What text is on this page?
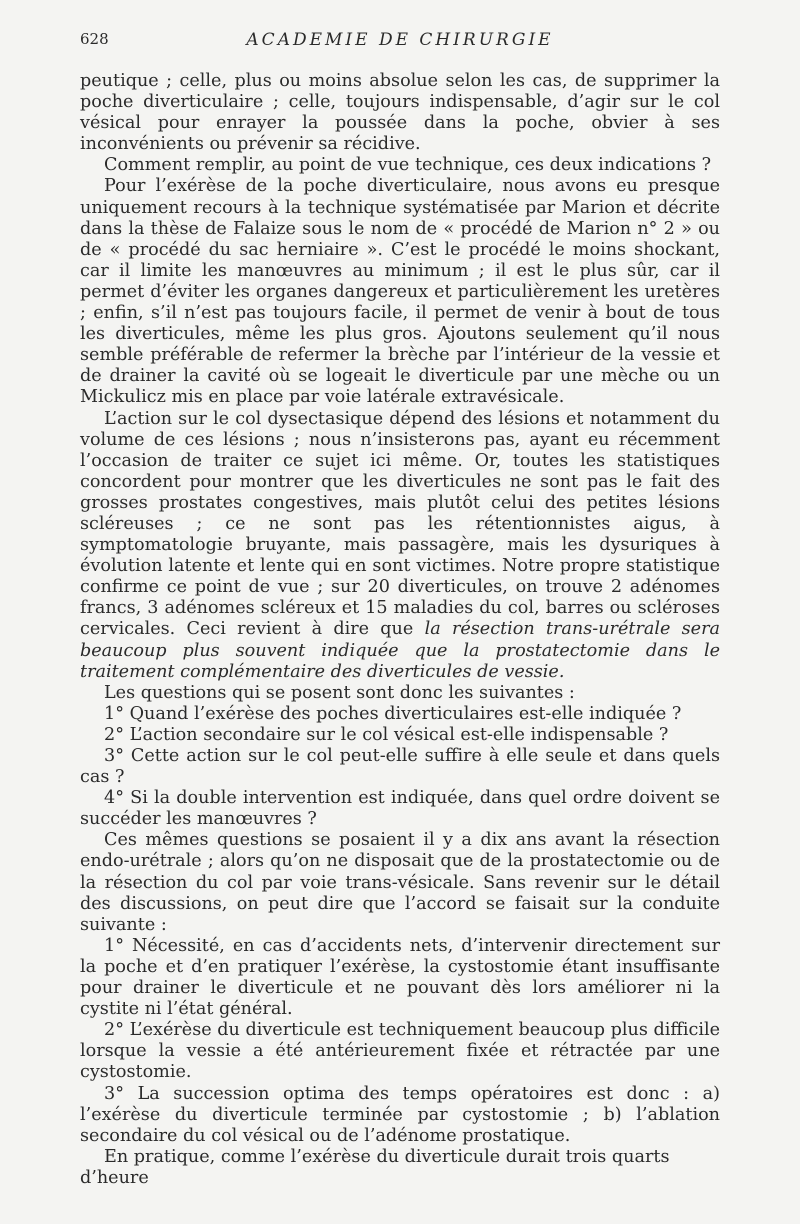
628	ACADEMIE DE CHIRURGIE

peutique ; celle, plus ou moins absolue selon les cas, de supprimer la poche diverticulaire ; celle, toujours indispensable, d’agir sur le col vésical pour enrayer la poussée dans la poche, obvier à ses inconvénients ou prévenir sa récidive.

Comment remplir, au point de vue technique, ces deux indications ?

Pour l’exérèse de la poche diverticulaire, nous avons eu presque uniquement recours à la technique systématisée par Marion et décrite dans la thèse de Falaize sous le nom de « procédé de Marion n° 2 » ou de « procédé du sac herniaire ». C’est le procédé le moins shockant, car il limite les manœuvres au minimum ; il est le plus sûr, car il permet d’éviter les organes dangereux et particulièrement les uretères ; enfin, s’il n’est pas toujours facile, il permet de venir à bout de tous les diverticules, même les plus gros. Ajoutons seulement qu’il nous semble préférable de refermer la brèche par l’intérieur de la vessie et de drainer la cavité où se logeait le diverticule par une mèche ou un Mickulicz mis en place par voie latérale extravésicale.

L’action sur le col dysectasique dépend des lésions et notamment du volume de ces lésions ; nous n’insisterons pas, ayant eu récemment l’occasion de traiter ce sujet ici même. Or, toutes les statistiques concordent pour montrer que les diverticules ne sont pas le fait des grosses prostates congestives, mais plutôt celui des petites lésions scléreuses ; ce ne sont pas les rétentionnistes aigus, à symptomatologie bruyante, mais passagère, mais les dysuriques à évolution latente et lente qui en sont victimes. Notre propre statistique confirme ce point de vue ; sur 20 diverticules, on trouve 2 adénomes francs, 3 adénomes scléreux et 15 maladies du col, barres ou scléroses cervicales. Ceci revient à dire que la résection trans-urétrale sera beaucoup plus souvent indiquée que la prostatectomie dans le traitement complémentaire des diverticules de vessie.

Les questions qui se posent sont donc les suivantes :

1° Quand l’exérèse des poches diverticulaires est-elle indiquée ?

2° L’action secondaire sur le col vésical est-elle indispensable ?

3° Cette action sur le col peut-elle suffire à elle seule et dans quels cas ?

4° Si la double intervention est indiquée, dans quel ordre doivent se succéder les manœuvres ?

Ces mêmes questions se posaient il y a dix ans avant la résection endo-urétrale ; alors qu’on ne disposait que de la prostatectomie ou de la résection du col par voie trans-vésicale. Sans revenir sur le détail des discussions, on peut dire que l’accord se faisait sur la conduite suivante :

1° Nécessité, en cas d’accidents nets, d’intervenir directement sur la poche et d’en pratiquer l’exérèse, la cystostomie étant insuffisante pour drainer le diverticule et ne pouvant dès lors améliorer ni la cystite ni l’état général.

2° L’exérèse du diverticule est techniquement beaucoup plus difficile lorsque la vessie a été antérieurement fixée et rétractée par une cystostomie.

3° La succession optima des temps opératoires est donc : a) l’exérèse du diverticule terminée par cystostomie ; b) l’ablation secondaire du col vésical ou de l’adénome prostatique.

En pratique, comme l’exérèse du diverticule durait trois quarts d’heure
